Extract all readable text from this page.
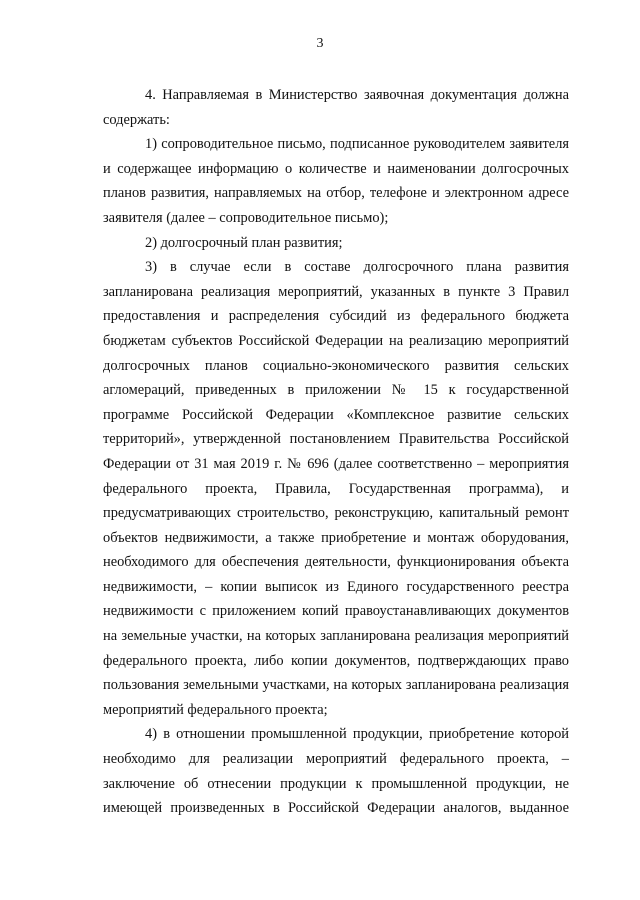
3

4. Направляемая в Министерство заявочная документация должна содержать:

1) сопроводительное письмо, подписанное руководителем заявителя и содержащее информацию о количестве и наименовании долгосрочных планов развития, направляемых на отбор, телефоне и электронном адресе заявителя (далее – сопроводительное письмо);

2) долгосрочный план развития;

3) в случае если в составе долгосрочного плана развития запланирована реализация мероприятий, указанных в пункте 3 Правил предоставления и распределения субсидий из федерального бюджета бюджетам субъектов Российской Федерации на реализацию мероприятий долгосрочных планов социально-экономического развития сельских агломераций, приведенных в приложении № 15 к государственной программе Российской Федерации «Комплексное развитие сельских территорий», утвержденной постановлением Правительства Российской Федерации от 31 мая 2019 г. № 696 (далее соответственно – мероприятия федерального проекта, Правила, Государственная программа), и предусматривающих строительство, реконструкцию, капитальный ремонт объектов недвижимости, а также приобретение и монтаж оборудования, необходимого для обеспечения деятельности, функционирования объекта недвижимости, – копии выписок из Единого государственного реестра недвижимости с приложением копий правоустанавливающих документов на земельные участки, на которых запланирована реализация мероприятий федерального проекта, либо копии документов, подтверждающих право пользования земельными участками, на которых запланирована реализация мероприятий федерального проекта;

4) в отношении промышленной продукции, приобретение которой необходимо для реализации мероприятий федерального проекта, – заключение об отнесении продукции к промышленной продукции, не имеющей произведенных в Российской Федерации аналогов, выданное
